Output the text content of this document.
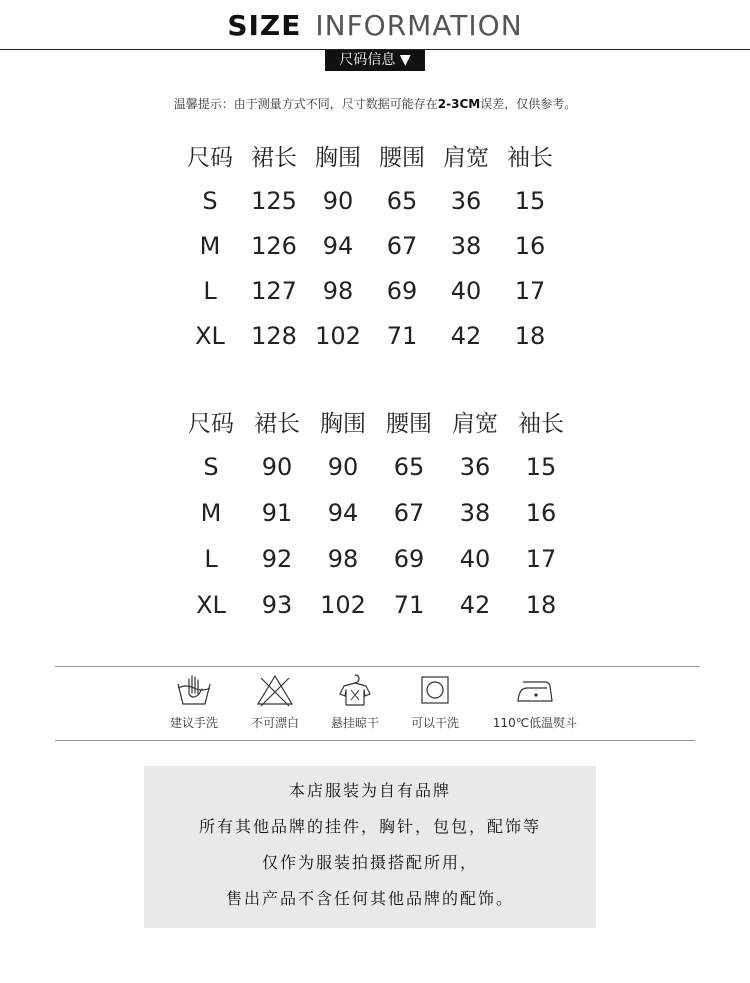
SIZE INFORMATION
尺码信息 ▼
温馨提示：由于测量方式不同，尺寸数据可能存在2-3CM误差，仅供参考。
尺码	裙长	胸围	腰围	肩宽	袖长
S	125	90	65	36	15
M	126	94	67	38	16
L	127	98	69	40	17
XL	128	102	71	42	18
尺码	裙长	胸围	腰围	肩宽	袖长
S	90	90	65	36	15
M	91	94	67	38	16
L	92	98	69	40	17
XL	93	102	71	42	18
建议手洗	不可漂白	悬挂晾干	可以干洗	110℃低温熨斗
本店服装为自有品牌
所有其他品牌的挂件，胸针，包包，配饰等
仅作为服装拍摄搭配所用，
售出产品不含任何其他品牌的配饰。
